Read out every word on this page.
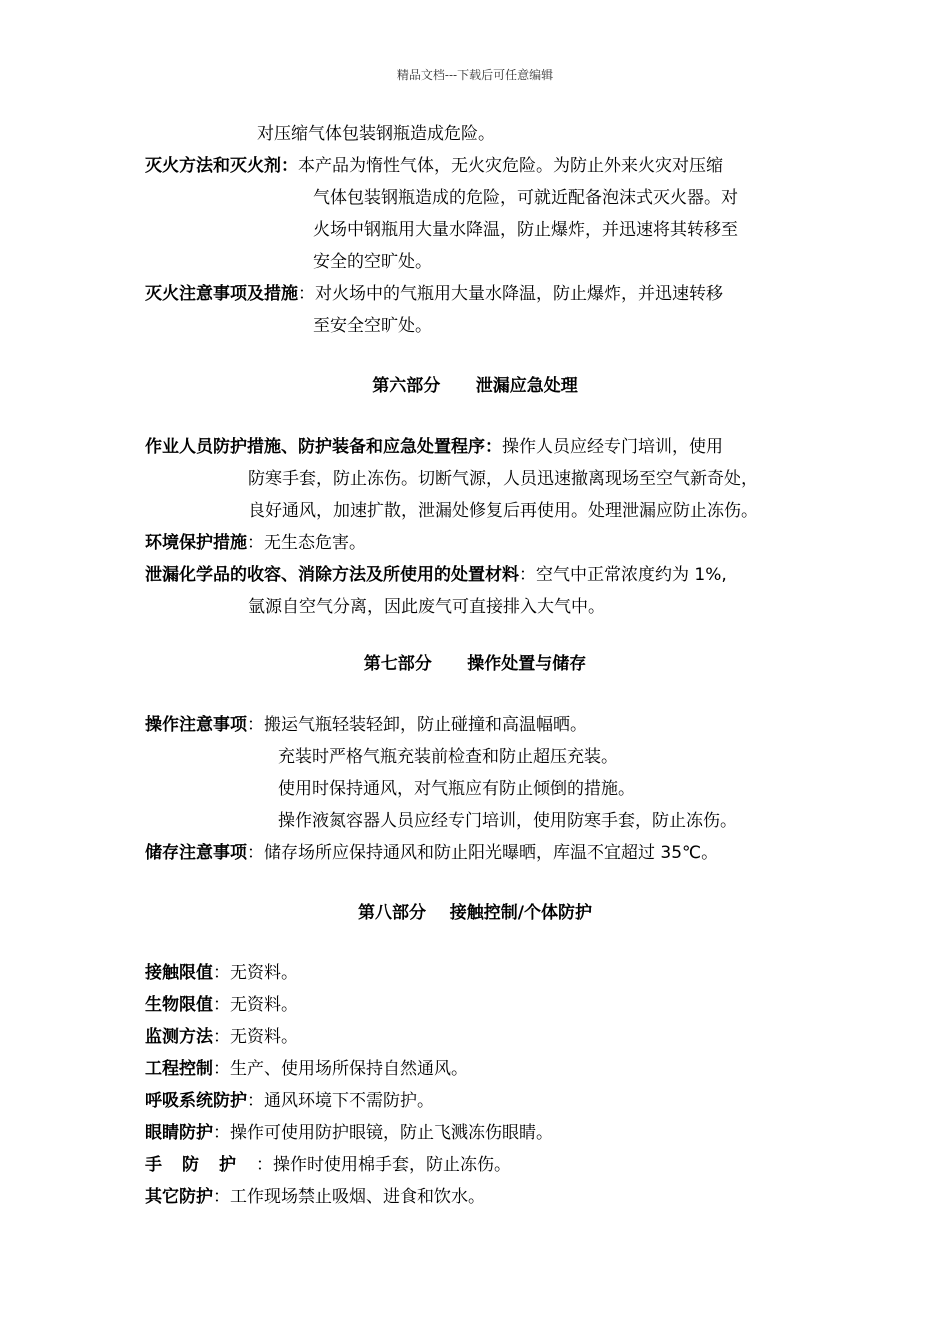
精品文档---下载后可任意编辑
对压缩气体包装钢瓶造成危险。
灭火方法和灭火剂：本产品为惰性气体，无火灾危险。为防止外来火灾对压缩
气体包装钢瓶造成的危险，可就近配备泡沫式灭火器。对
火场中钢瓶用大量水降温，防止爆炸，并迅速将其转移至
安全的空旷处。
灭火注意事项及措施：对火场中的气瓶用大量水降温，防止爆炸，并迅速转移
至安全空旷处。
第六部分 泄漏应急处理
作业人员防护措施、防护装备和应急处置程序：操作人员应经专门培训，使用
防寒手套，防止冻伤。切断气源，人员迅速撤离现场至空气新奇处，
良好通风，加速扩散，泄漏处修复后再使用。处理泄漏应防止冻伤。
环境保护措施：无生态危害。
泄漏化学品的收容、消除方法及所使用的处置材料：空气中正常浓度约为 1%,
氩源自空气分离，因此废气可直接排入大气中。
第七部分 操作处置与储存
操作注意事项：搬运气瓶轻装轻卸，防止碰撞和高温幅晒。
充装时严格气瓶充装前检查和防止超压充装。
使用时保持通风，对气瓶应有防止倾倒的措施。
操作液氮容器人员应经专门培训，使用防寒手套，防止冻伤。
储存注意事项：储存场所应保持通风和防止阳光曝晒，库温不宜超过 35℃。
第八部分 接触控制/个体防护
接触限值：无资料。
生物限值：无资料。
监测方法：无资料。
工程控制：生产、使用场所保持自然通风。
呼吸系统防护：通风环境下不需防护。
眼睛防护：操作可使用防护眼镜，防止飞溅冻伤眼睛。
手防护：操作时使用棉手套，防止冻伤。
其它防护：工作现场禁止吸烟、进食和饮水。
